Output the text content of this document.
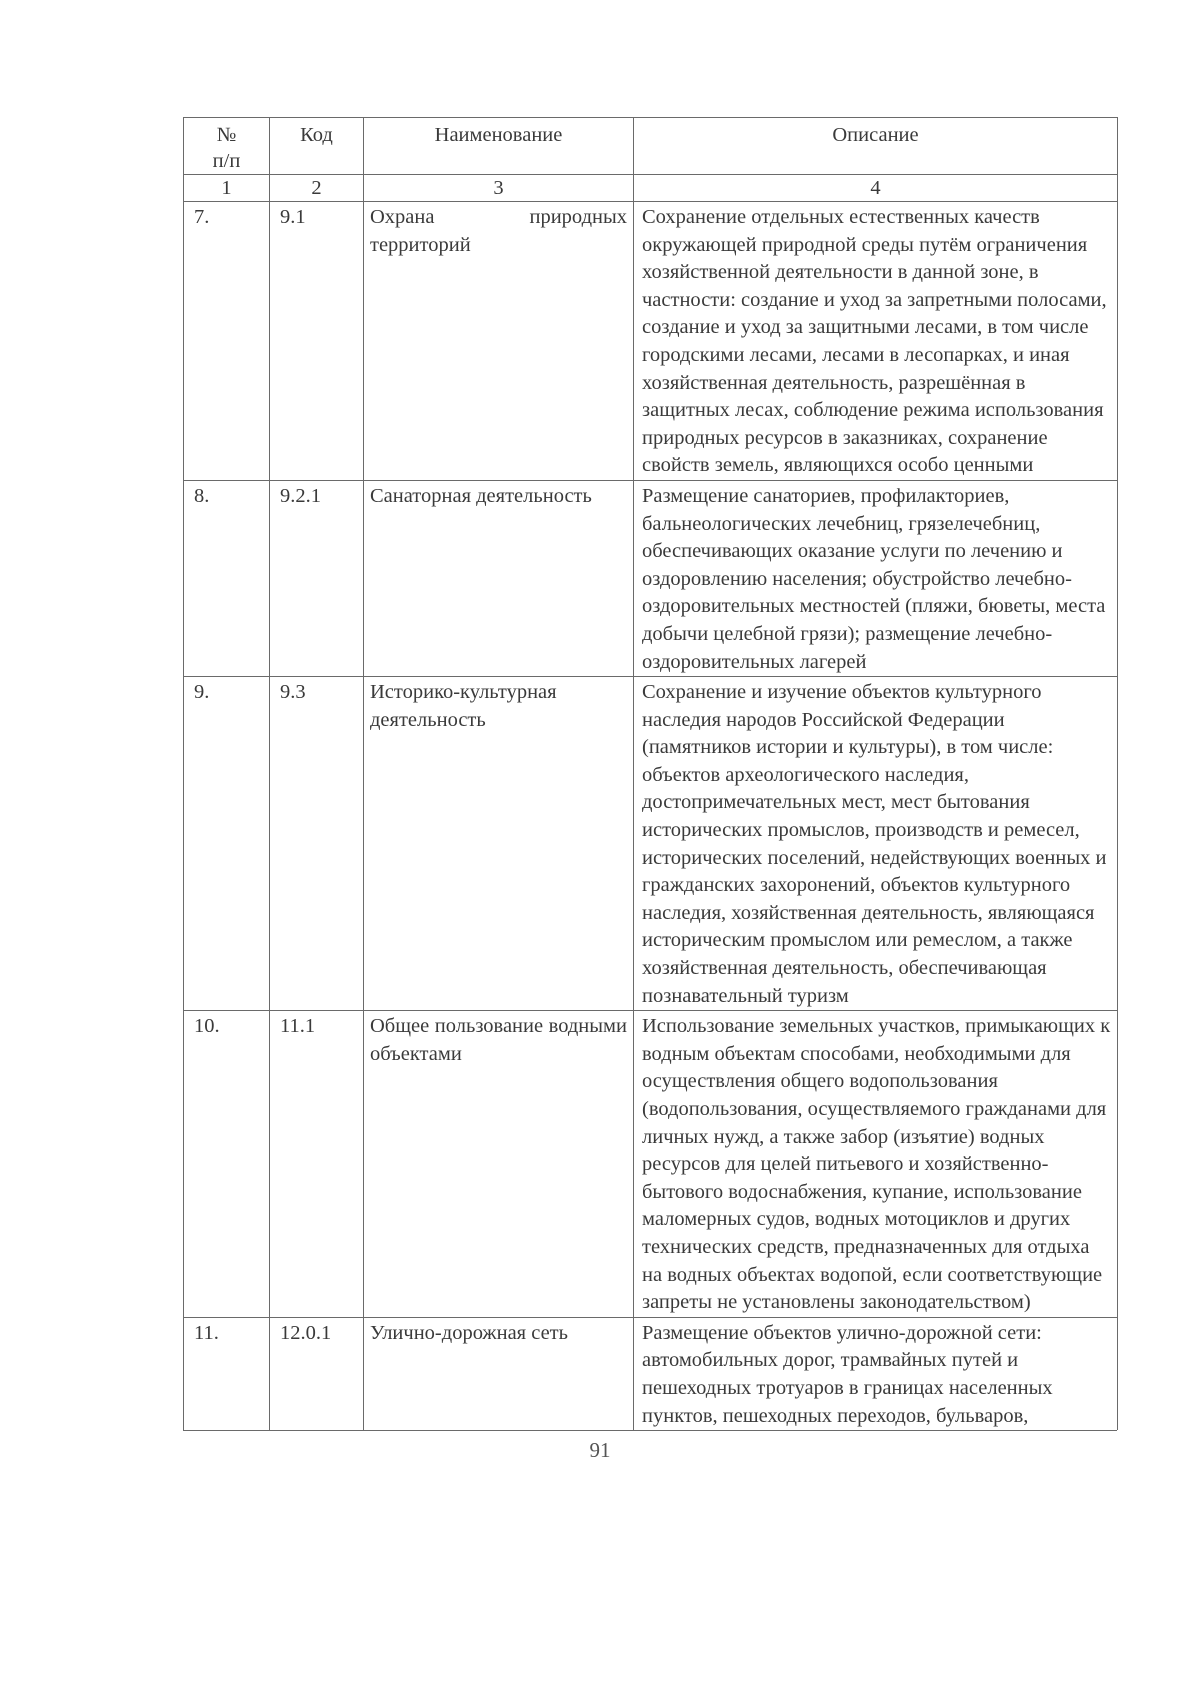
№
п/п	Код	Наименование	Описание
1	2	3	4
7.	9.1	Охрана природных территорий	Сохранение отдельных естественных качеств окружающей природной среды путём ограничения хозяйственной деятельности в данной зоне, в частности: создание и уход за запретными полосами, создание и уход за защитными лесами, в том числе городскими лесами, лесами в лесопарках, и иная хозяйственная деятельность, разрешённая в защитных лесах, соблюдение режима использования природных ресурсов в заказниках, сохранение свойств земель, являющихся особо ценными
8.	9.2.1	Санаторная деятельность	Размещение санаториев, профилакториев, бальнеологических лечебниц, грязелечебниц, обеспечивающих оказание услуги по лечению и оздоровлению населения; обустройство лечебно-оздоровительных местностей (пляжи, бюветы, места добычи целебной грязи); размещение лечебно-оздоровительных лагерей
9.	9.3	Историко-культурная деятельность	Сохранение и изучение объектов культурного наследия народов Российской Федерации (памятников истории и культуры), в том числе: объектов археологического наследия, достопримечательных мест, мест бытования исторических промыслов, производств и ремесел, исторических поселений, недействующих военных и гражданских захоронений, объектов культурного наследия, хозяйственная деятельность, являющаяся историческим промыслом или ремеслом, а также хозяйственная деятельность, обеспечивающая познавательный туризм
10.	11.1	Общее пользование водными объектами	Использование земельных участков, примыкающих к водным объектам способами, необходимыми для осуществления общего водопользования (водопользования, осуществляемого гражданами для личных нужд, а также забор (изъятие) водных ресурсов для целей питьевого и хозяйственно-бытового водоснабжения, купание, использование маломерных судов, водных мотоциклов и других технических средств, предназначенных для отдыха на водных объектах водопой, если соответствующие запреты не установлены законодательством)
11.	12.0.1	Улично-дорожная сеть	Размещение объектов улично-дорожной сети: автомобильных дорог, трамвайных путей и пешеходных тротуаров в границах населенных пунктов, пешеходных переходов, бульваров,
91
